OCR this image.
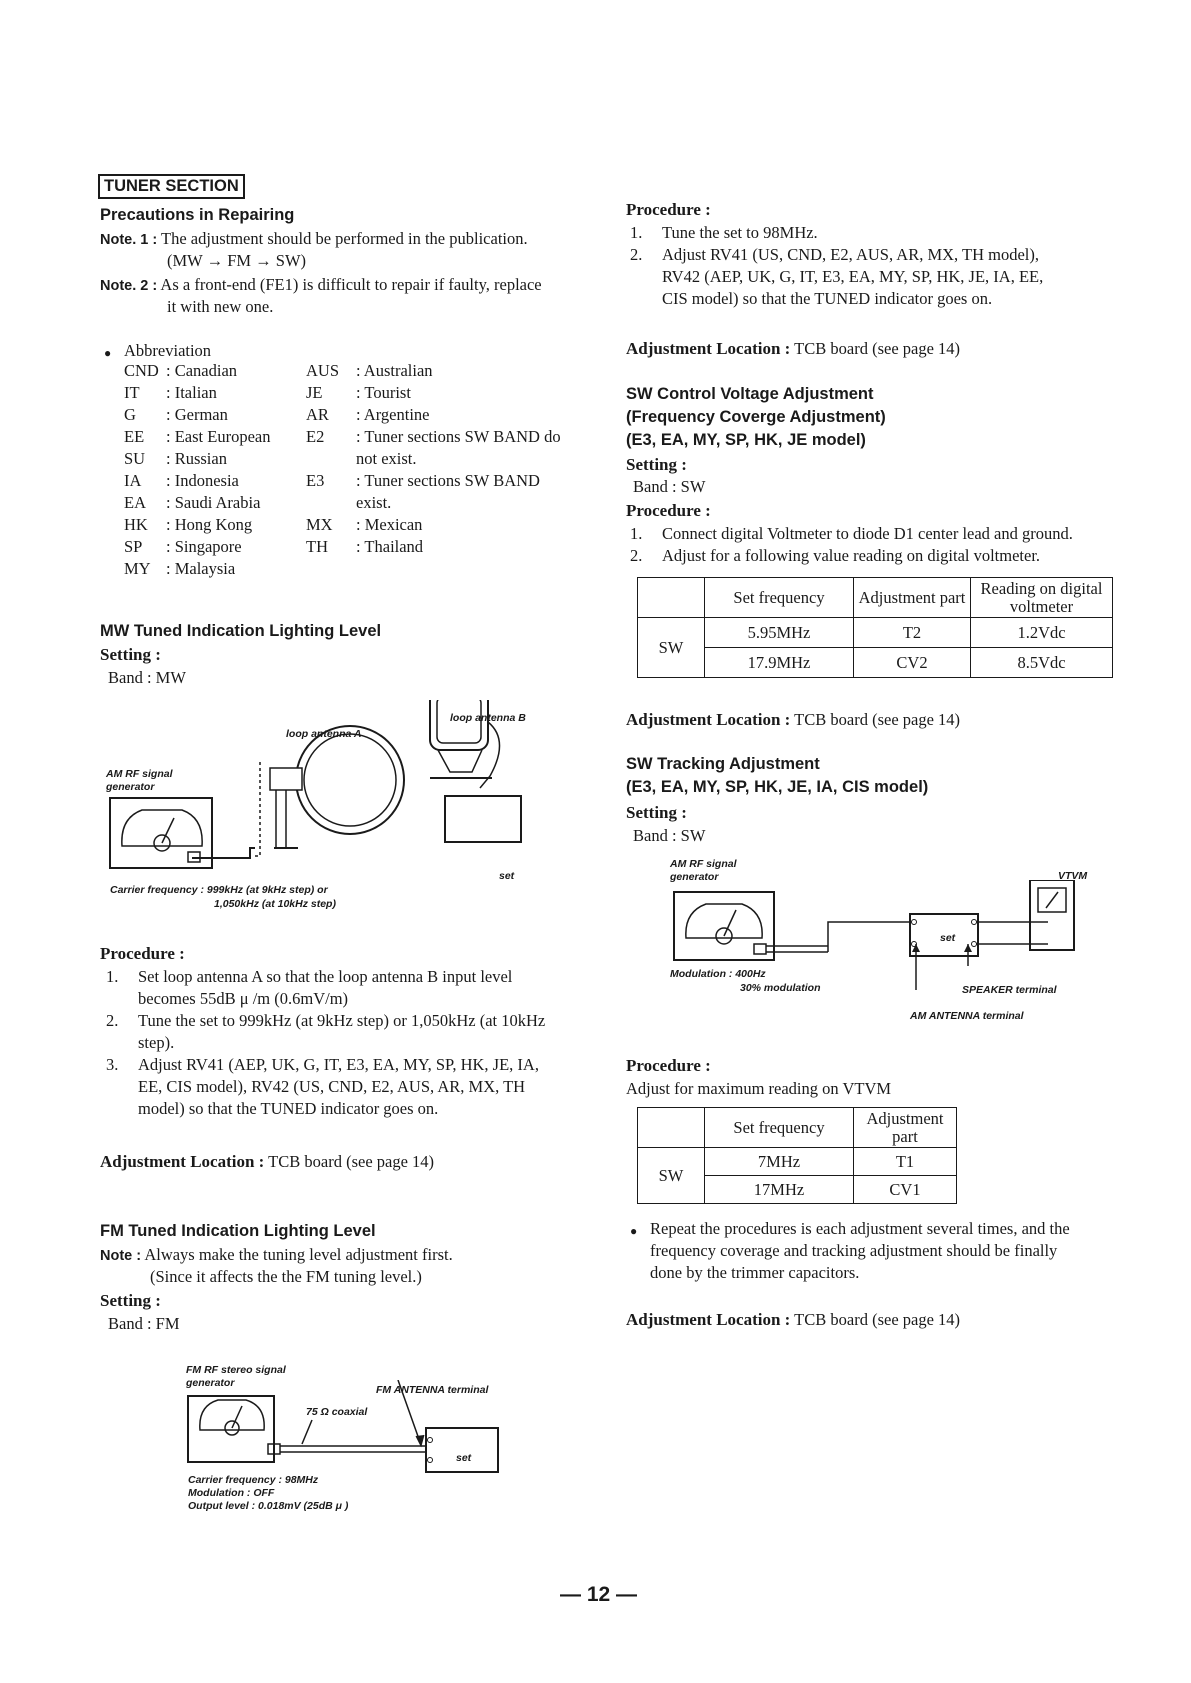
TUNER SECTION
Precautions in Repairing
Note. 1 : The adjustment should be performed in the publication.
(MW → FM → SW)
Note. 2 : As a front-end (FE1) is difficult to repair if faulty, replace
it with new one.
● Abbreviation
CND : Canadian
IT	: Italian
G	: German
EE	: East European
SU	: Russian
IA	: Indonesia
EA	: Saudi Arabia
HK	: Hong Kong
SP	: Singapore
MY : Malaysia
AUS	: Australian
JE	: Tourist
AR	: Argentine
E2	: Tuner sections SW BAND do
not exist.
E3	: Tuner sections SW BAND
exist.
MX	: Mexican
TH	: Thailand
MW Tuned Indication Lighting Level
Setting :
Band : MW
loop antenna A
loop antenna B
AM RF signal
generator
set
Carrier frequency : 999kHz (at 9kHz step) or
1,050kHz (at 10kHz step)
Procedure :
1. Set loop antenna A so that the loop antenna B input level
becomes 55dB μ /m (0.6mV/m)
2. Tune the set to 999kHz (at 9kHz step) or 1,050kHz (at 10kHz
step).
3. Adjust RV41 (AEP, UK, G, IT, E3, EA, MY, SP, HK, JE, IA,
EE, CIS model), RV42 (US, CND, E2, AUS, AR, MX, TH
model) so that the TUNED indicator goes on.
Adjustment Location : TCB board (see page 14)
FM Tuned Indication Lighting Level
Note : Always make the tuning level adjustment first.
(Since it affects the the FM tuning level.)
Setting :
Band : FM
FM RF stereo signal
generator
FM ANTENNA terminal
75 Ω coaxial
set
Carrier frequency : 98MHz
Modulation : OFF
Output level : 0.018mV (25dB μ )
Procedure :
1. Tune the set to 98MHz.
2. Adjust RV41 (US, CND, E2, AUS, AR, MX, TH model),
RV42 (AEP, UK, G, IT, E3, EA, MY, SP, HK, JE, IA, EE,
CIS model) so that the TUNED indicator goes on.
Adjustment Location : TCB board (see page 14)
SW Control Voltage Adjustment
(Frequency Coverge Adjustment)
(E3, EA, MY, SP, HK, JE model)
Setting :
Band : SW
Procedure :
1. Connect digital Voltmeter to diode D1 center lead and ground.
2. Adjust for a following value reading on digital voltmeter.
	Set frequency	Adjustment part	Reading on digital voltmeter
SW	5.95MHz	T2	1.2Vdc
	17.9MHz	CV2	8.5Vdc
Adjustment Location : TCB board (see page 14)
SW Tracking Adjustment
(E3, EA, MY, SP, HK, JE, IA, CIS model)
Setting :
Band : SW
AM RF signal
generator	VTVM
set
Modulation : 400Hz
30% modulation	SPEAKER terminal
AM ANTENNA terminal
Procedure :
Adjust for maximum reading on VTVM
	Set frequency	Adjustment part
SW	7MHz	T1
	17MHz	CV1
● Repeat the procedures is each adjustment several times, and the
frequency coverage and tracking adjustment should be finally
done by the trimmer capacitors.
Adjustment Location : TCB board (see page 14)
— 12 —
